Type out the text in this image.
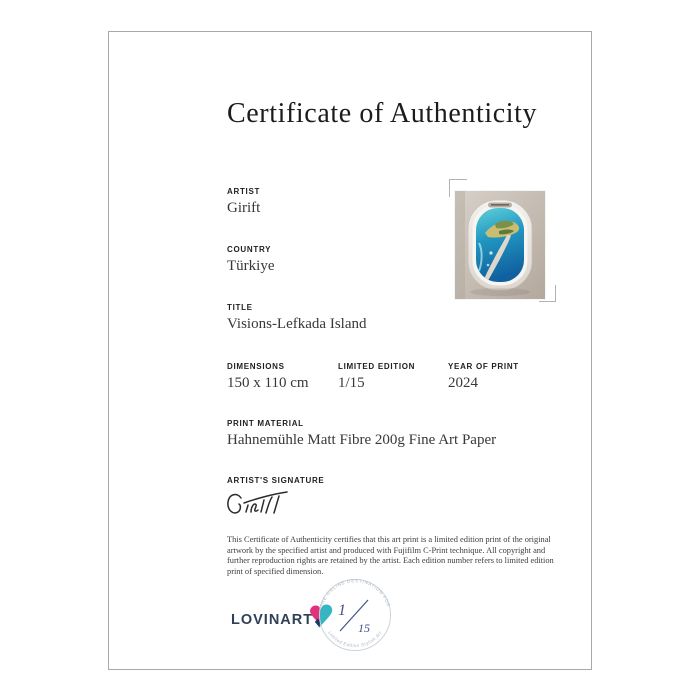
Certificate of Authenticity
ARTIST
Girift
COUNTRY
Türkiye
TITLE
Visions-Lefkada Island
DIMENSIONS
150 x 110 cm
LIMITED EDITION
1/15
YEAR OF PRINT
2024
PRINT MATERIAL
Hahnemühle Matt Fibre 200g Fine Art Paper
ARTIST'S SIGNATURE

This Certificate of Authenticity certifies that this art print is a limited edition print of the original artwork by the specified artist and produced with Fujifilm C-Print technique. All copyright and further reproduction rights are retained by the artist. Each edition number refers to limited edition print of specified dimension.

LOVINART
THE ONLINE DESTINATION FOR
Limited Edition Stylish Art
1
15
